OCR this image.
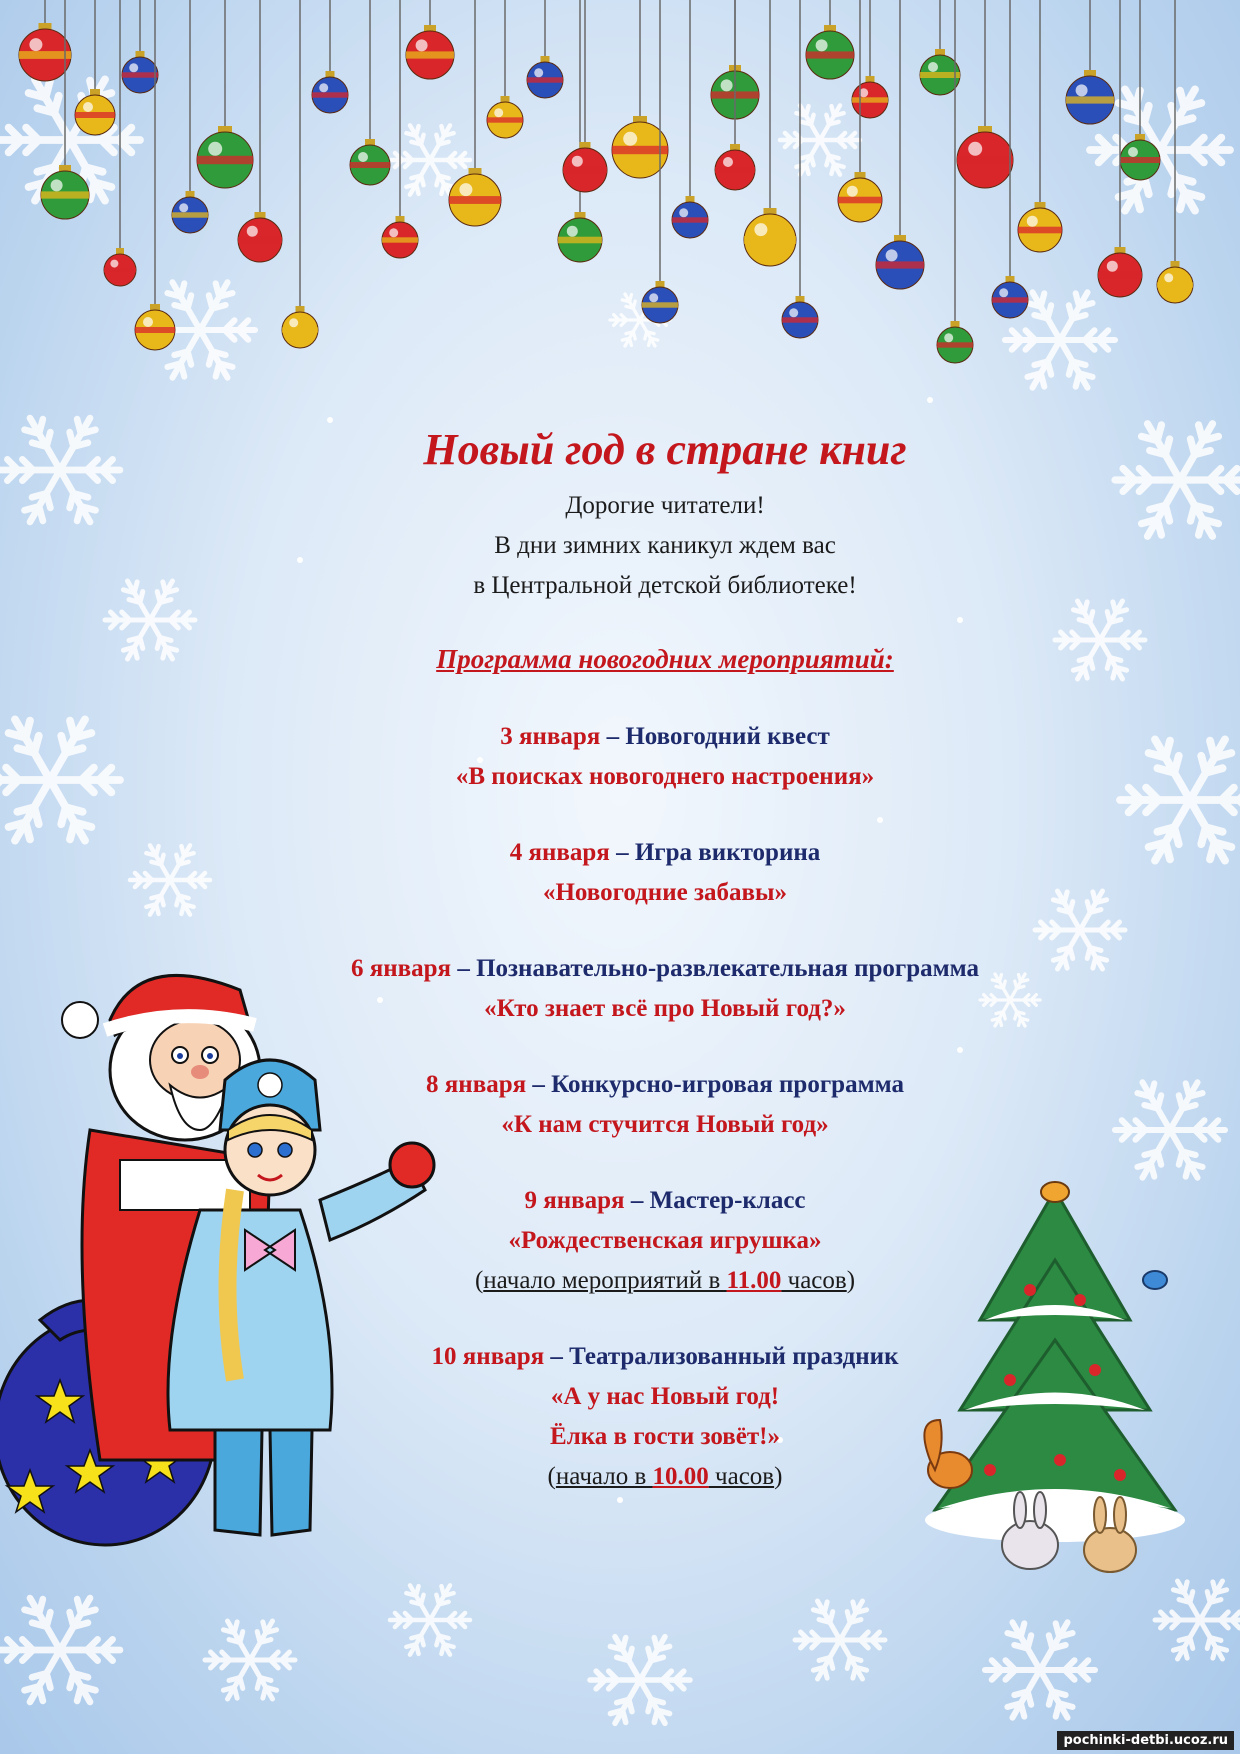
Новый год в стране книг

Дорогие читатели!
В дни зимних каникул ждем вас
в Центральной детской библиотеке!

Программа новогодних мероприятий:
3 января – Новогодний квест
«В поисках новогоднего настроения»
4 января – Игра викторина
«Новогодние забавы»
6 января – Познавательно-развлекательная программа
«Кто знает всё про Новый год?»
8 января – Конкурсно-игровая программа
«К нам стучится Новый год»
9 января – Мастер-класс
«Рождественская игрушка»
(начало мероприятий в 11.00 часов)
10 января – Театрализованный праздник
«А у нас Новый год!
Ёлка в гости зовёт!»
(начало в 10.00 часов)
pochinki-detbi.ucoz.ru
